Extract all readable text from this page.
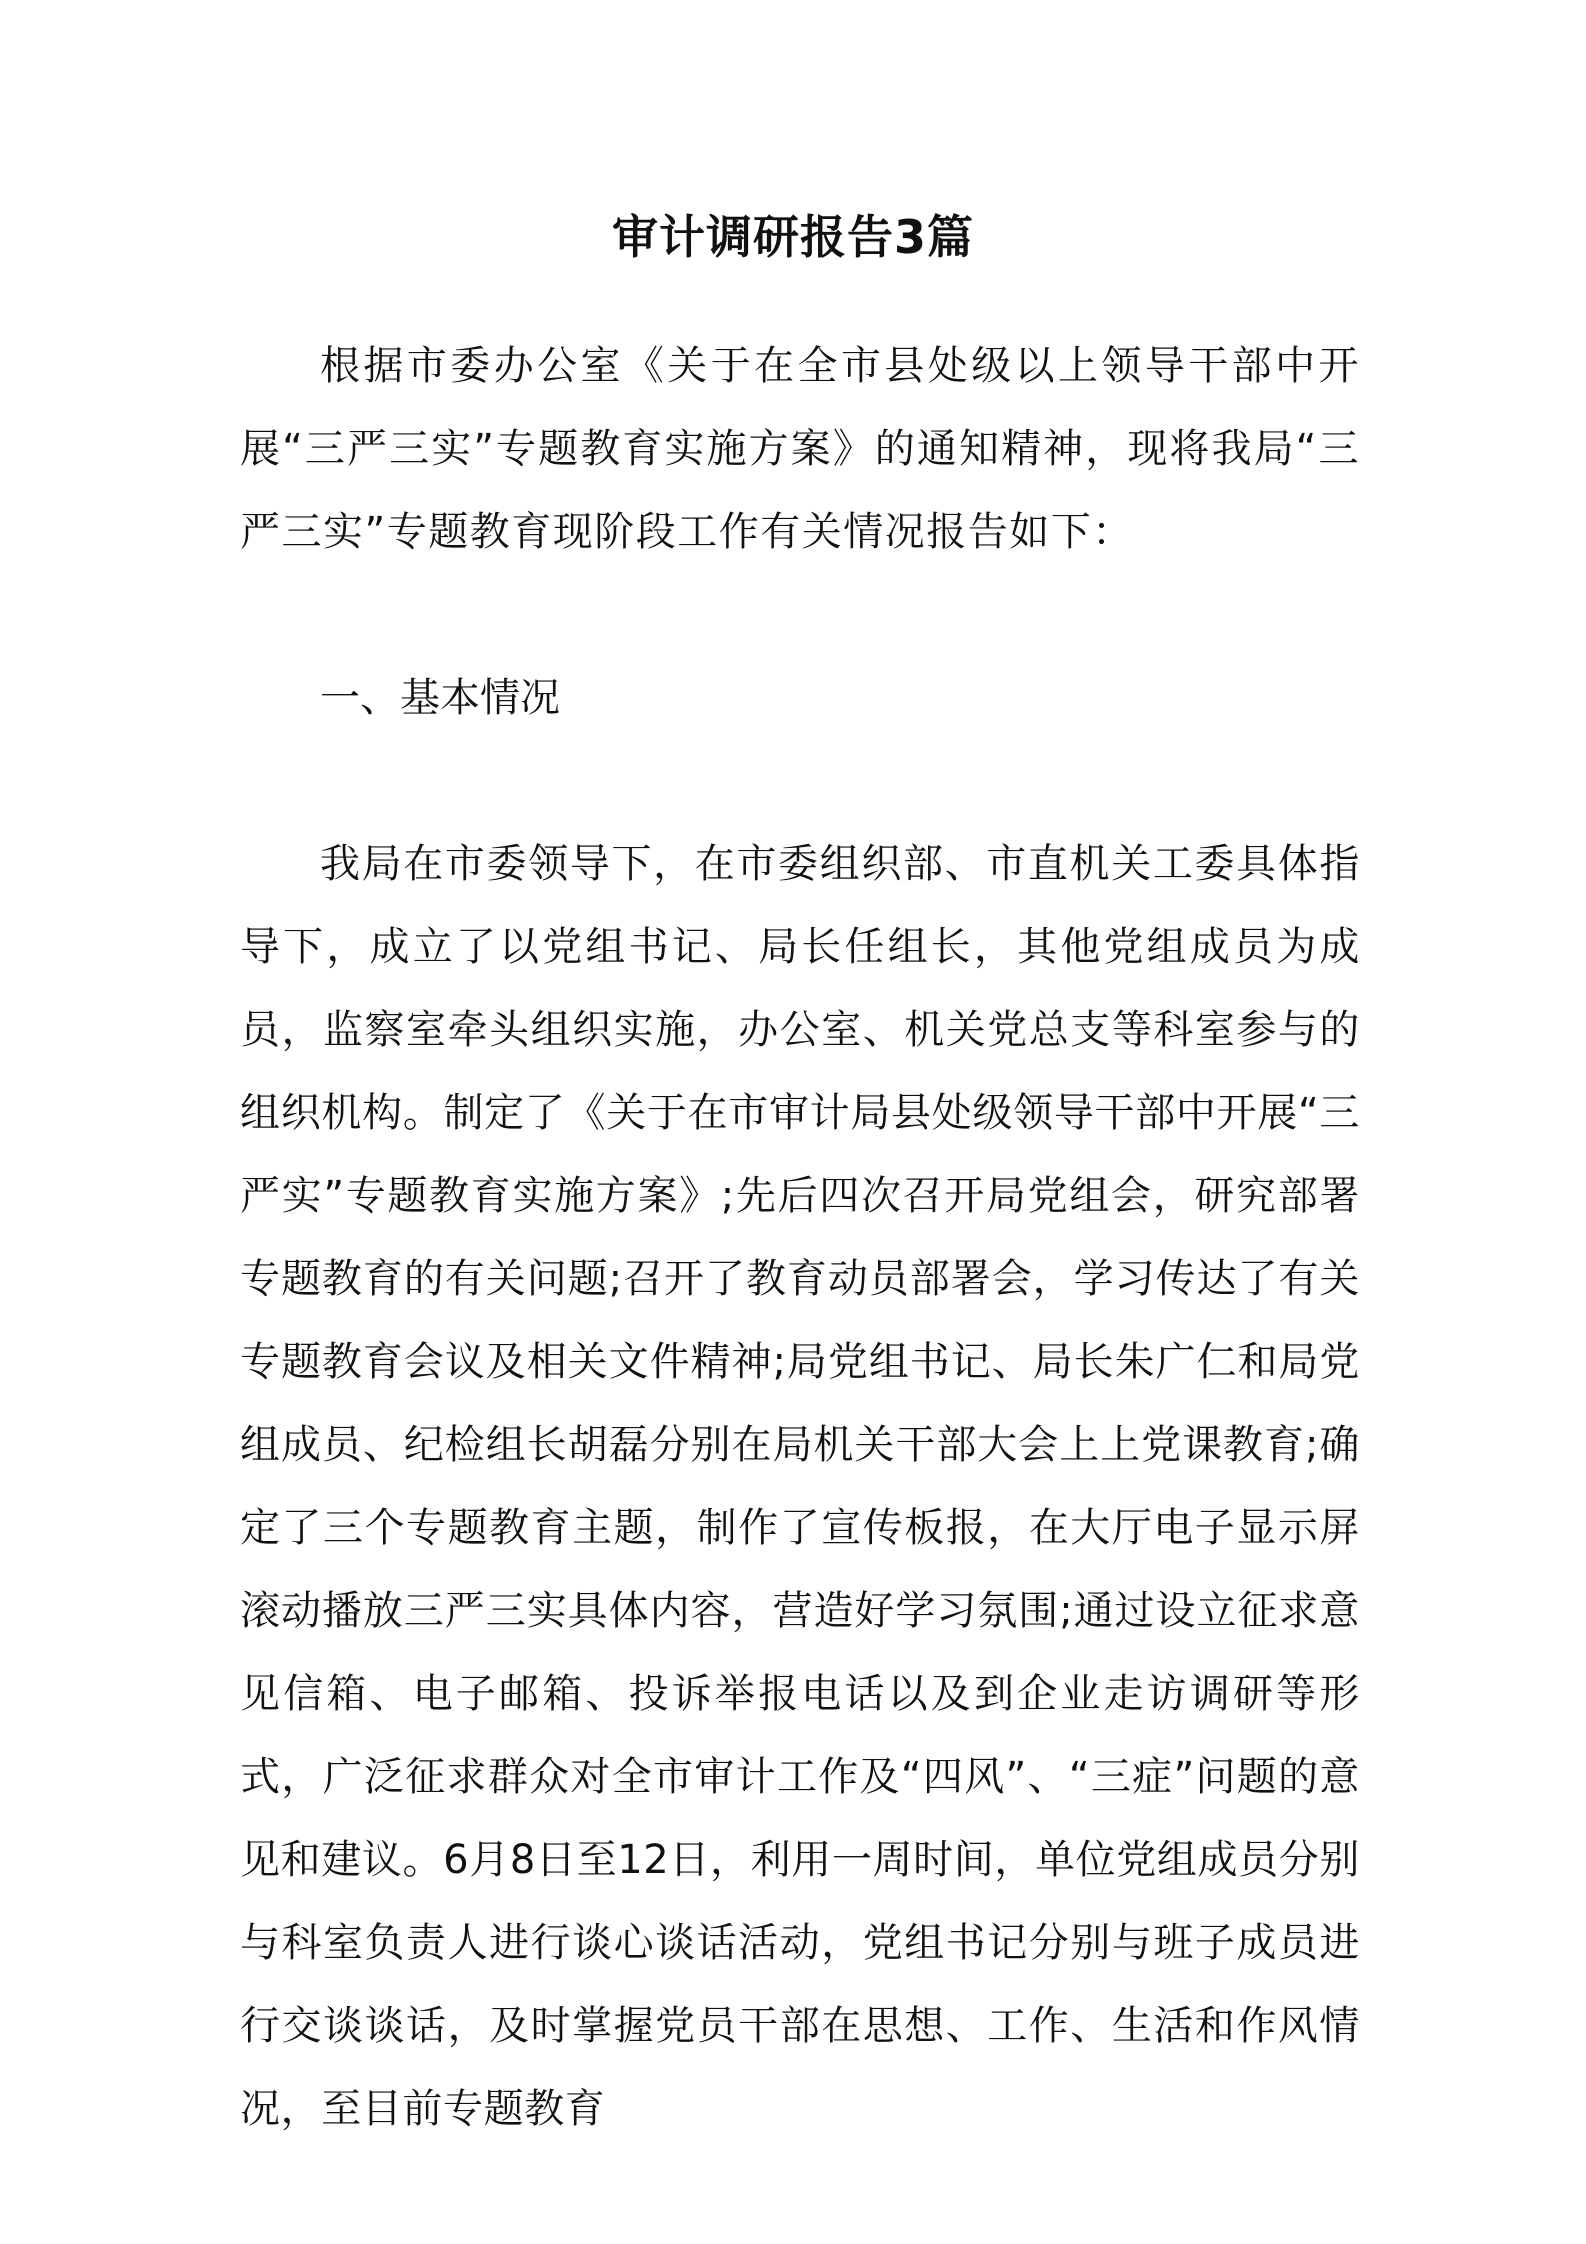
审计调研报告3篇

根据市委办公室《关于在全市县处级以上领导干部中开展“三严三实”专题教育实施方案》的通知精神，现将我局“三严三实”专题教育现阶段工作有关情况报告如下：

一、基本情况

我局在市委领导下，在市委组织部、市直机关工委具体指导下，成立了以党组书记、局长任组长，其他党组成员为成员，监察室牵头组织实施，办公室、机关党总支等科室参与的组织机构。制定了《关于在市审计局县处级领导干部中开展“三严实”专题教育实施方案》;先后四次召开局党组会，研究部署专题教育的有关问题;召开了教育动员部署会，学习传达了有关专题教育会议及相关文件精神;局党组书记、局长朱广仁和局党组成员、纪检组长胡磊分别在局机关干部大会上上党课教育;确定了三个专题教育主题，制作了宣传板报，在大厅电子显示屏滚动播放三严三实具体内容，营造好学习氛围;通过设立征求意见信箱、电子邮箱、投诉举报电话以及到企业走访调研等形式，广泛征求群众对全市审计工作及“四风”、“三症”问题的意见和建议。6月8日至12日，利用一周时间，单位党组成员分别与科室负责人进行谈心谈话活动，党组书记分别与班子成员进行交谈谈话，及时掌握党员干部在思想、工作、生活和作风情况，至目前专题教育
